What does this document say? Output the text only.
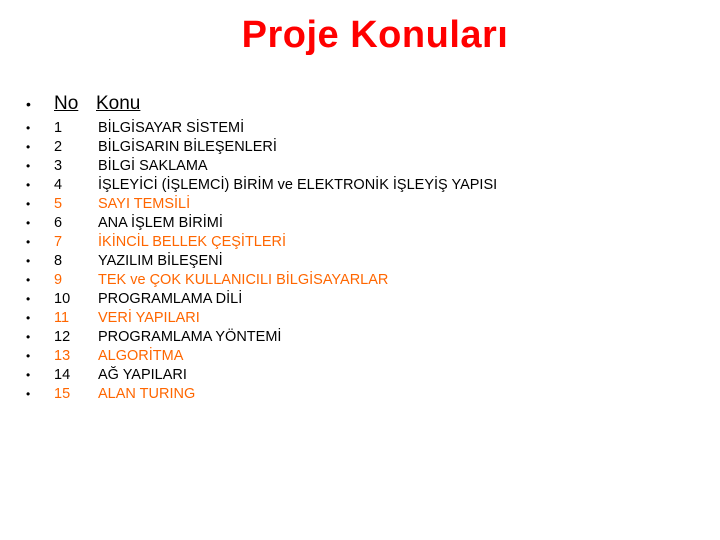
Proje Konuları
•	No Konu
•	1	BİLGİSAYAR SİSTEMİ
•	2	BİLGİSARIN BİLEŞENLERİ
•	3	BİLGİ SAKLAMA
•	4	İŞLEYİCİ (İŞLEMCİ) BİRİM ve ELEKTRONİK İŞLEYİŞ YAPISI
•	5	SAYI TEMSİLİ
•	6	ANA İŞLEM BİRİMİ
•	7	İKİNCİL BELLEK ÇEŞİTLERİ
•	8	YAZILIM BİLEŞENİ
•	9	TEK ve ÇOK KULLANICILI BİLGİSAYARLAR
•	10	PROGRAMLAMA DİLİ
•	11	VERİ YAPILARI
•	12	PROGRAMLAMA YÖNTEMİ
•	13	ALGORİTMA
•	14	AĞ YAPILARI
•	15	ALAN TURING
